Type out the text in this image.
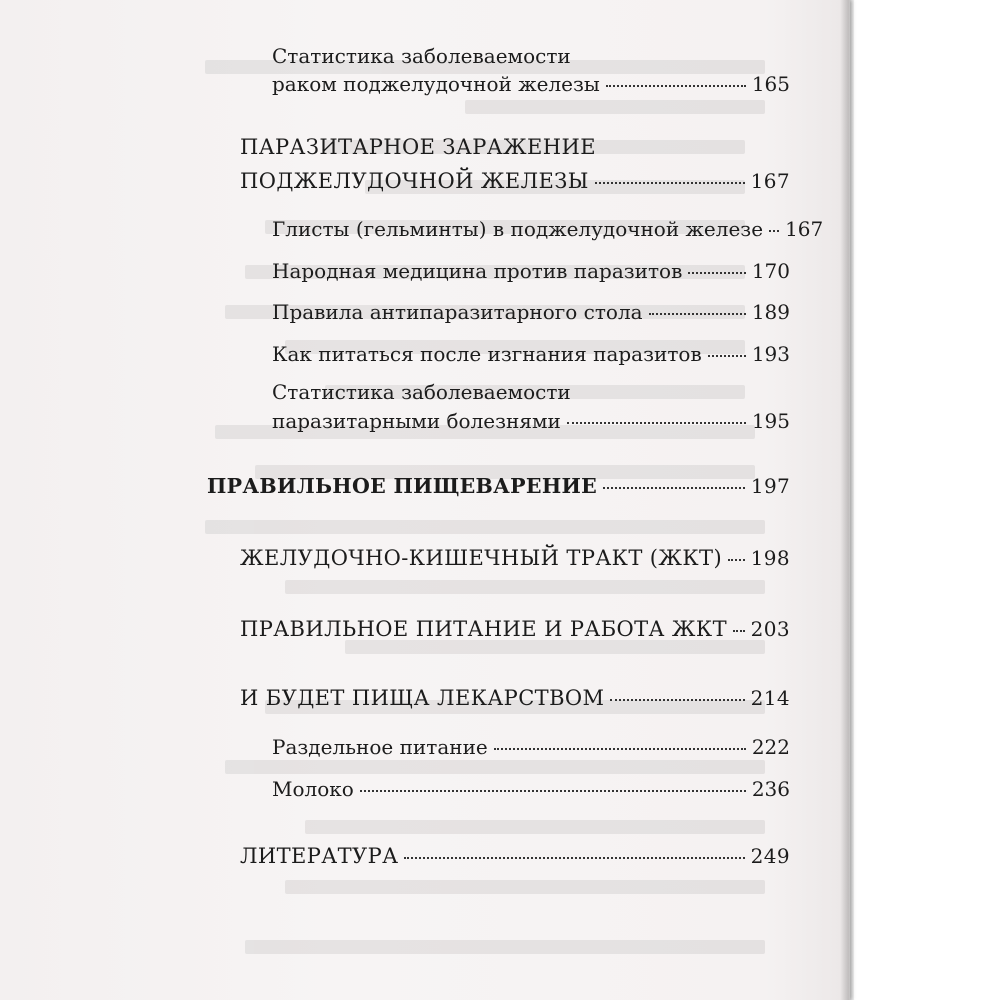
Статистика заболеваемости
раком поджелудочной железы	165
ПАРАЗИТАРНОЕ ЗАРАЖЕНИЕ
ПОДЖЕЛУДОЧНОЙ ЖЕЛЕЗЫ	167
Глисты (гельминты) в поджелудочной железе 167
Народная медицина против паразитов	170
Правила антипаразитарного стола	189
Как питаться после изгнания паразитов	193
Статистика заболеваемости
паразитарными болезнями	195
ПРАВИЛЬНОЕ ПИЩЕВАРЕНИЕ	197
ЖЕЛУДОЧНО-КИШЕЧНЫЙ ТРАКТ (ЖКТ) 198
ПРАВИЛЬНОЕ ПИТАНИЕ И РАБОТА ЖКТ 203
И БУДЕТ ПИЩА ЛЕКАРСТВОМ	214
Раздельное питание	222
Молоко	236
ЛИТЕРАТУРА	249
